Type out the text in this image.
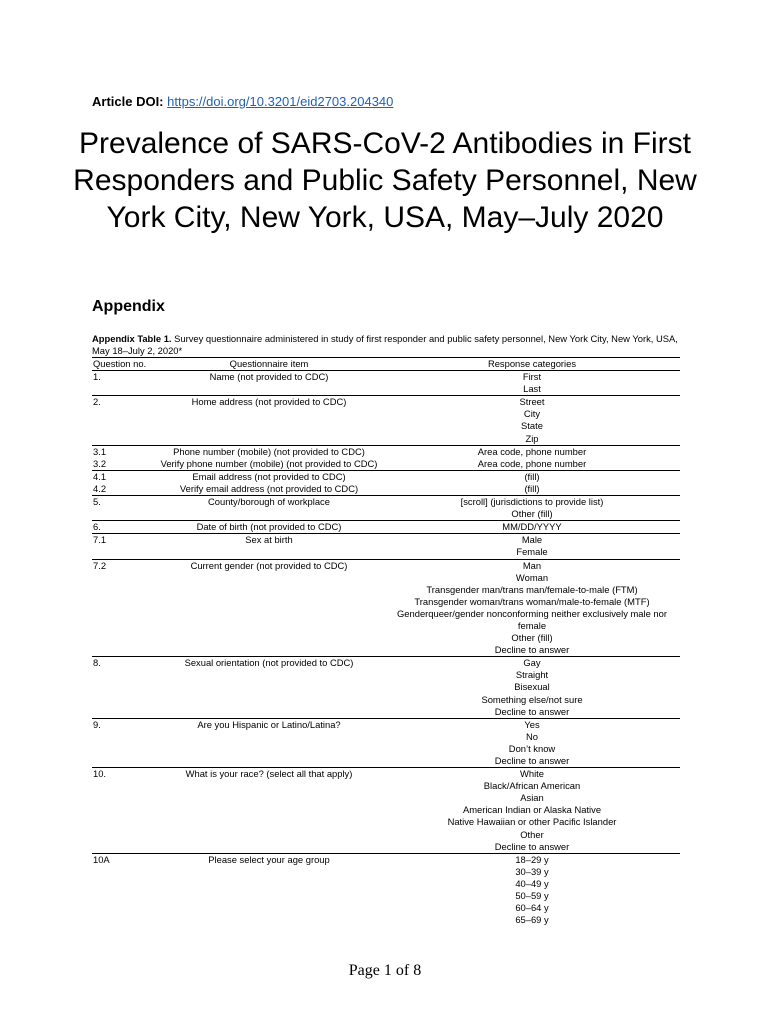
Article DOI: https://doi.org/10.3201/eid2703.204340
Prevalence of SARS-CoV-2 Antibodies in First Responders and Public Safety Personnel, New York City, New York, USA, May–July 2020
Appendix
Appendix Table 1. Survey questionnaire administered in study of first responder and public safety personnel, New York City, New York, USA, May 18–July 2, 2020*
Question no.	Questionnaire item	Response categories
1.	Name (not provided to CDC)	First
Last
2.	Home address (not provided to CDC)	Street
City
State
Zip
3.1	Phone number (mobile) (not provided to CDC)	Area code, phone number
3.2	Verify phone number (mobile) (not provided to CDC)	Area code, phone number
4.1	Email address (not provided to CDC)	(fill)
4.2	Verify email address (not provided to CDC)	(fill)
5.	County/borough of workplace	[scroll] (jurisdictions to provide list)
Other (fill)
6.	Date of birth (not provided to CDC)	MM/DD/YYYY
7.1	Sex at birth	Male
Female
7.2	Current gender (not provided to CDC)	Man
Woman
Transgender man/trans man/female-to-male (FTM)
Transgender woman/trans woman/male-to-female (MTF)
Genderqueer/gender nonconforming neither exclusively male nor female
Other (fill)
Decline to answer
8.	Sexual orientation (not provided to CDC)	Gay
Straight
Bisexual
Something else/not sure
Decline to answer
9.	Are you Hispanic or Latino/Latina?	Yes
No
Don’t know
Decline to answer
10.	What is your race? (select all that apply)	White
Black/African American
Asian
American Indian or Alaska Native
Native Hawaiian or other Pacific Islander
Other
Decline to answer
10A	Please select your age group	18–29 y
30–39 y
40–49 y
50–59 y
60–64 y
65–69 y
Page 1 of 8
